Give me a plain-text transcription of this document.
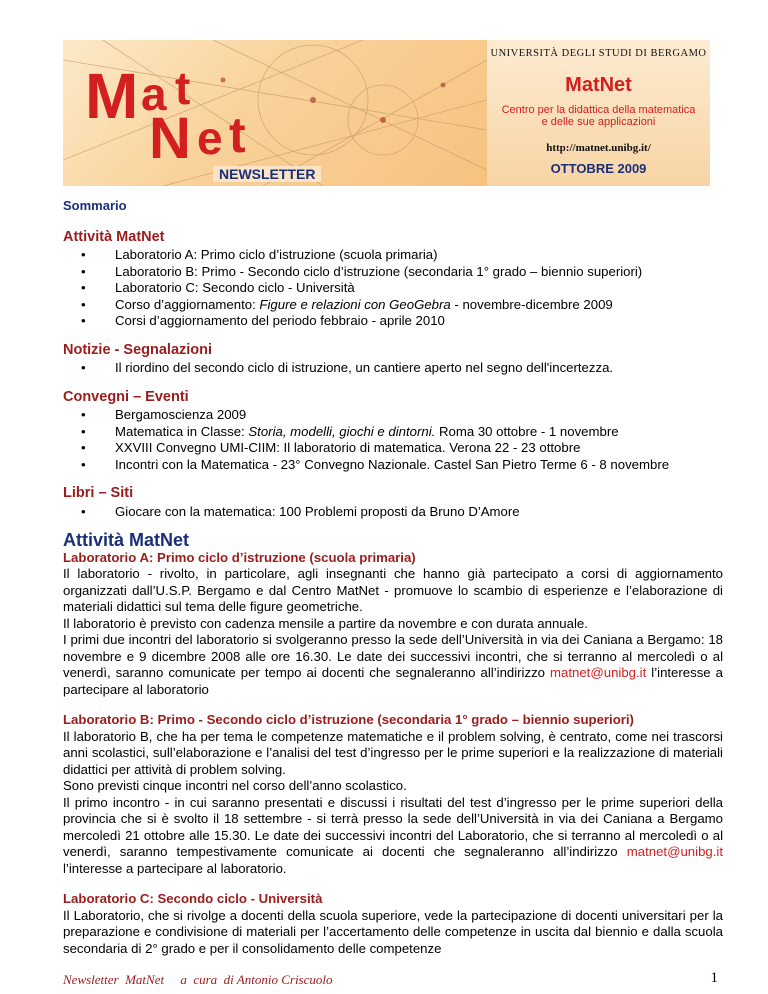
M a t
N e t
NEWSLETTER
UNIVERSITÀ DEGLI STUDI DI BERGAMO
MatNet
Centro per la didattica della matematica
e delle sue applicazioni
http://matnet.unibg.it/
OTTOBRE 2009
Sommario
Attività MatNet
• Laboratorio A: Primo ciclo d’istruzione (scuola primaria)
• Laboratorio B: Primo - Secondo ciclo d’istruzione (secondaria 1° grado – biennio superiori)
• Laboratorio C: Secondo ciclo - Università
• Corso d’aggiornamento: Figure e relazioni con GeoGebra - novembre-dicembre 2009
• Corsi d’aggiornamento del periodo febbraio - aprile 2010
Notizie - Segnalazioni
• Il riordino del secondo ciclo di istruzione, un cantiere aperto nel segno dell'incertezza.
Convegni – Eventi
• Bergamoscienza 2009
• Matematica in Classe: Storia, modelli, giochi e dintorni. Roma 30 ottobre - 1 novembre
• XXVIII Convegno UMI-CIIM: Il laboratorio di matematica. Verona 22 - 23 ottobre
• Incontri con la Matematica - 23° Convegno Nazionale. Castel San Pietro Terme 6 - 8 novembre
Libri – Siti
• Giocare con la matematica: 100 Problemi proposti da Bruno D’Amore
Attività MatNet
Laboratorio A: Primo ciclo d’istruzione (scuola primaria)

Il laboratorio - rivolto, in particolare, agli insegnanti che hanno già partecipato a corsi di aggiornamento organizzati dall’U.S.P. Bergamo e dal Centro MatNet - promuove lo scambio di esperienze e l’elaborazione di materiali didattici sul tema delle figure geometriche.

Il laboratorio è previsto con cadenza mensile a partire da novembre e con durata annuale.

I primi due incontri del laboratorio si svolgeranno presso la sede dell’Università in via dei Caniana a Bergamo: 18 novembre e 9 dicembre 2008 alle ore 16.30. Le date dei successivi incontri, che si terranno al mercoledì o al venerdì, saranno comunicate per tempo ai docenti che segnaleranno all’indirizzo matnet@unibg.it l’interesse a partecipare al laboratorio

Laboratorio B: Primo - Secondo ciclo d’istruzione (secondaria 1° grado – biennio superiori)

Il laboratorio B, che ha per tema le competenze matematiche e il problem solving, è centrato, come nei trascorsi anni scolastici, sull’elaborazione e l’analisi del test d’ingresso per le prime superiori e la realizzazione di materiali didattici per attività di problem solving.

Sono previsti cinque incontri nel corso dell’anno scolastico.

Il primo incontro - in cui saranno presentati e discussi i risultati del test d’ingresso per le prime superiori della provincia che si è svolto il 18 settembre - si terrà presso la sede dell’Università in via dei Caniana a Bergamo mercoledì 21 ottobre alle 15.30. Le date dei successivi incontri del Laboratorio, che si terranno al mercoledì o al venerdì, saranno tempestivamente comunicate ai docenti che segnaleranno all’indirizzo matnet@unibg.it l’interesse a partecipare al laboratorio.

Laboratorio C: Secondo ciclo - Università

Il Laboratorio, che si rivolge a docenti della scuola superiore, vede la partecipazione di docenti universitari per la preparazione e condivisione di materiali per l’accertamento delle competenze in uscita dal biennio e dalla scuola secondaria di 2° grado e per il consolidamento delle competenze

Newsletter  MatNet     a  cura  di Antonio Criscuolo	1
